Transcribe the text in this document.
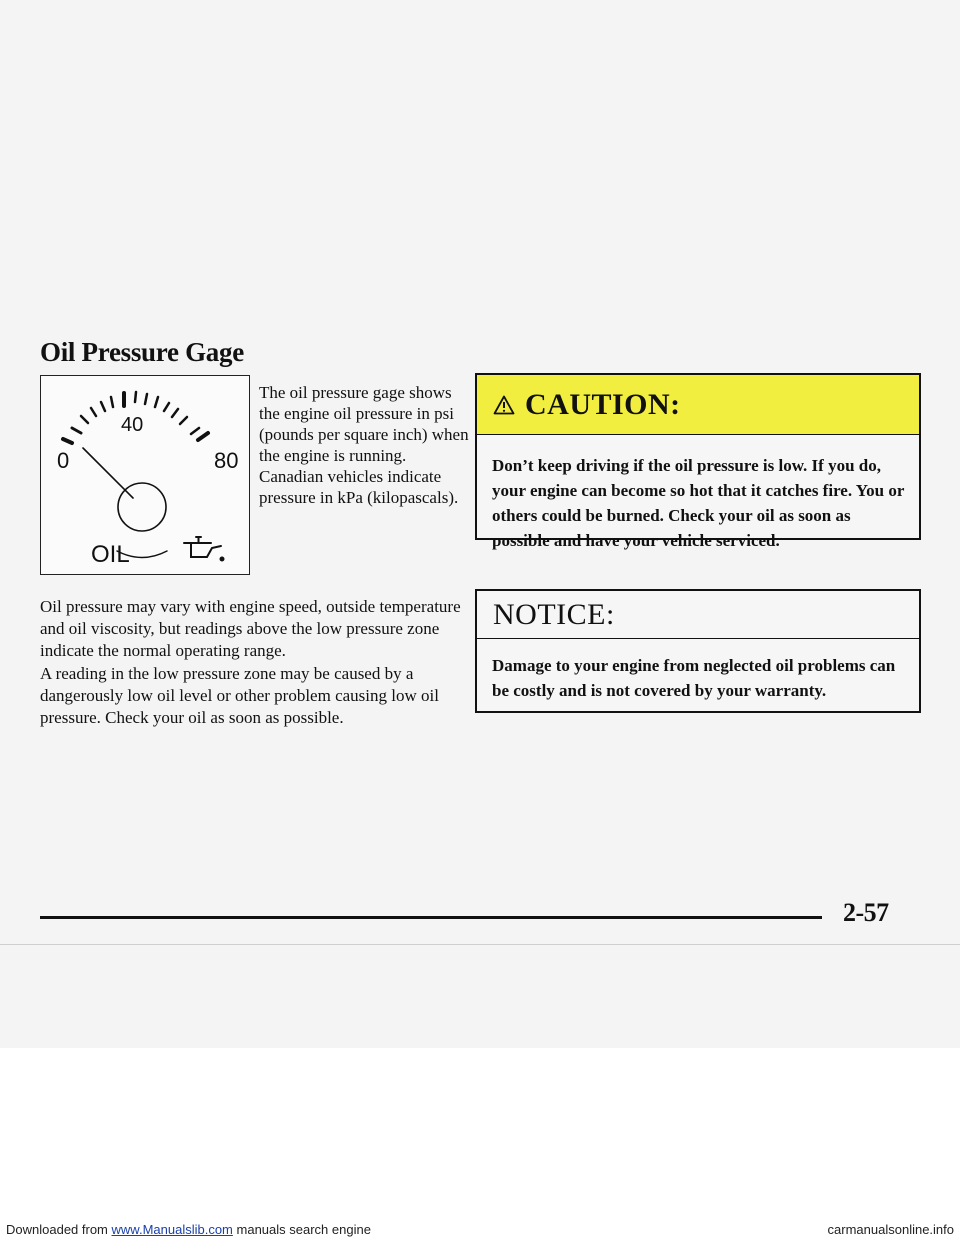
Oil Pressure Gage
0
40
80
OIL

The oil pressure gage shows the engine oil pressure in psi (pounds per square inch) when the engine is running. Canadian vehicles indicate pressure in kPa (kilopascals).

Oil pressure may vary with engine speed, outside temperature and oil viscosity, but readings above the low pressure zone indicate the normal operating range.

A reading in the low pressure zone may be caused by a dangerously low oil level or other problem causing low oil pressure. Check your oil as soon as possible.

CAUTION:

Don’t keep driving if the oil pressure is low. If you do, your engine can become so hot that it catches fire. You or others could be burned. Check your oil as soon as possible and have your vehicle serviced.

NOTICE:

Damage to your engine from neglected oil problems can be costly and is not covered by your warranty.

2-57
Downloaded from www.Manualslib.com manuals search engine	carmanualsonline.info
